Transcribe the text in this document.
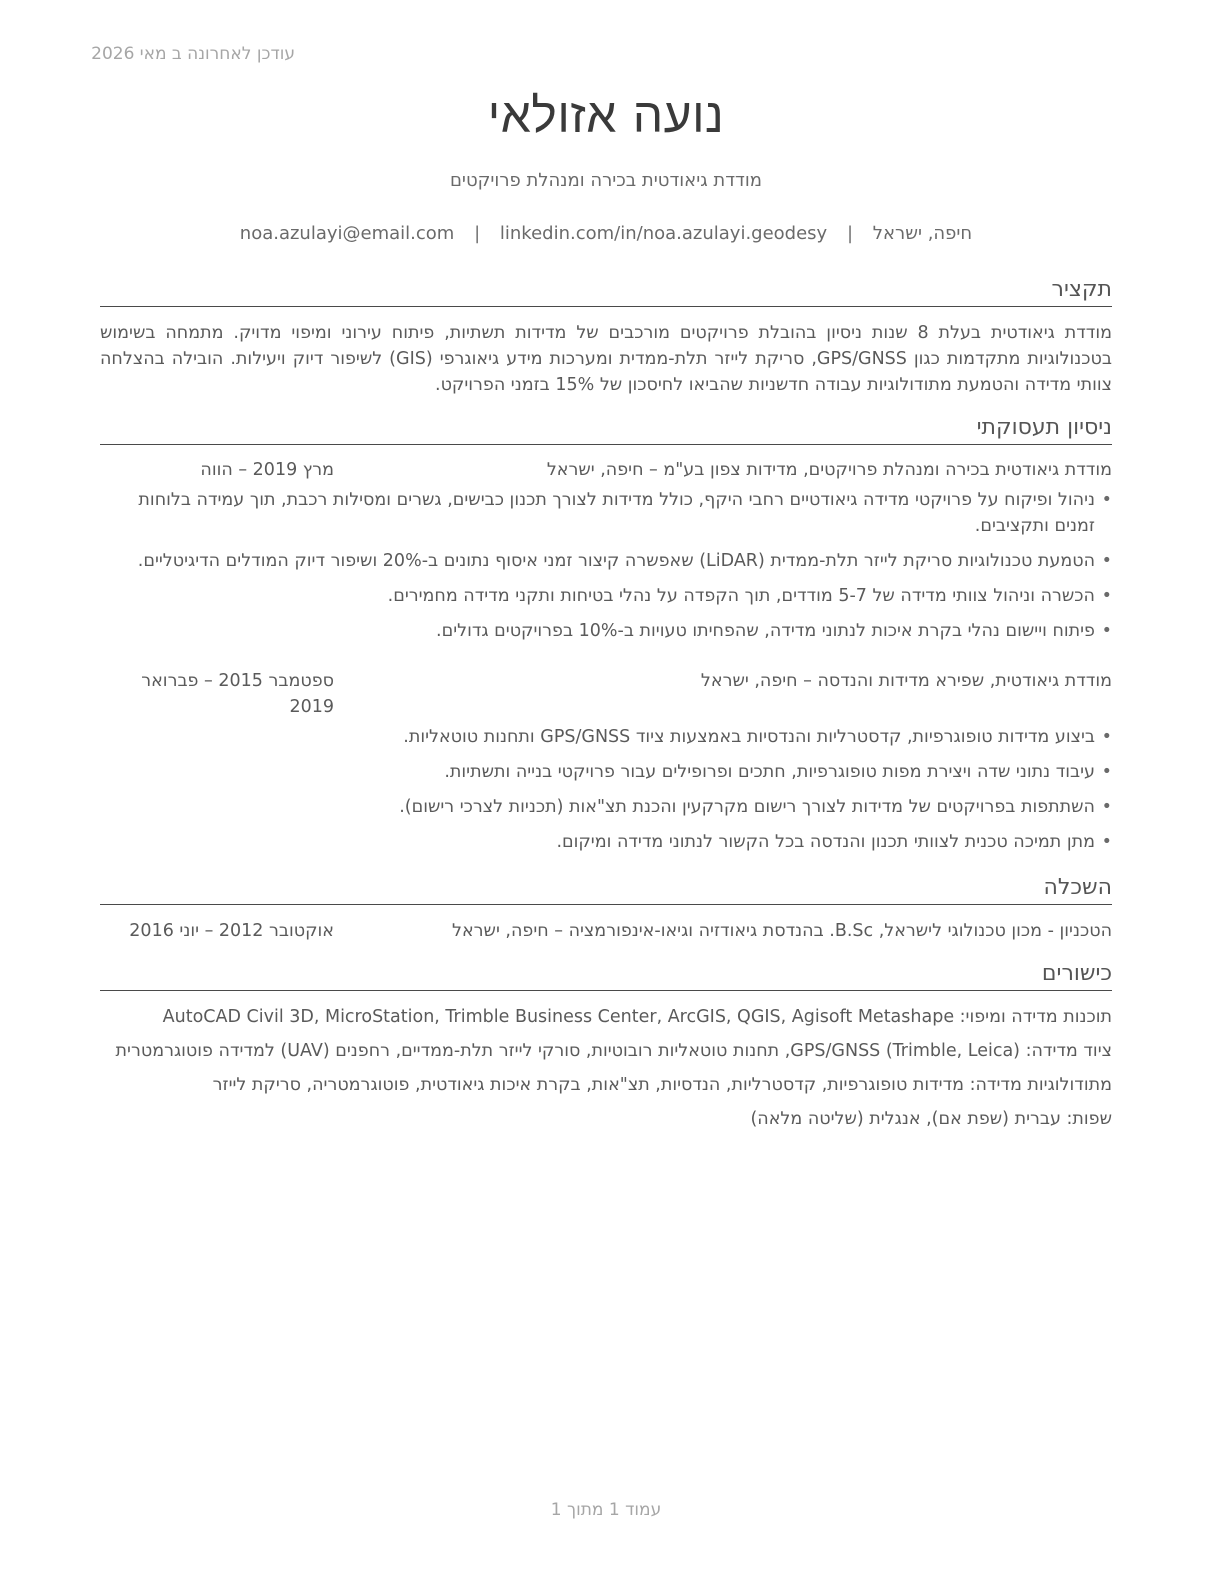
עודכן לאחרונה ב מאי 2026
נועה אזולאי
מודדת גיאודטית בכירה ומנהלת פרויקטים
חיפה, ישראל | noa.azulayi@email.com | linkedin.com/in/noa.azulayi.geodesy
תקציר
מודדת גיאודטית בעלת 8 שנות ניסיון בהובלת פרויקטים מורכבים של מדידות תשתיות, פיתוח עירוני ומיפוי מדויק. מתמחה בשימוש בטכנולוגיות מתקדמות כגון GPS/GNSS, סריקת לייזר תלת-ממדית ומערכות מידע גיאוגרפי (GIS) לשיפור דיוק ויעילות. הובילה בהצלחה צוותי מדידה והטמעת מתודולוגיות עבודה חדשניות שהביאו לחיסכון של 15% בזמני הפרויקט.
ניסיון תעסוקתי
מודדת גיאודטית בכירה ומנהלת פרויקטים, מדידות צפון בע"מ – חיפה, ישראל
מרץ 2019 – הווה
• ניהול ופיקוח על פרויקטי מדידה גיאודטיים רחבי היקף, כולל מדידות לצורך תכנון כבישים, גשרים ומסילות רכבת, תוך עמידה בלוחות זמנים ותקציבים.
• הטמעת טכנולוגיות סריקת לייזר תלת-ממדית (LiDAR) שאפשרה קיצור זמני איסוף נתונים ב-20% ושיפור דיוק המודלים הדיגיטליים.
• הכשרה וניהול צוותי מדידה של 5-7 מודדים, תוך הקפדה על נהלי בטיחות ותקני מדידה מחמירים.
• פיתוח ויישום נהלי בקרת איכות לנתוני מדידה, שהפחיתו טעויות ב-10% בפרויקטים גדולים.
מודדת גיאודטית, שפירא מדידות והנדסה – חיפה, ישראל
ספטמבר 2015 – פברואר 2019
• ביצוע מדידות טופוגרפיות, קדסטרליות והנדסיות באמצעות ציוד GPS/GNSS ותחנות טוטאליות.
• עיבוד נתוני שדה ויצירת מפות טופוגרפיות, חתכים ופרופילים עבור פרויקטי בנייה ותשתיות.
• השתתפות בפרויקטים של מדידות לצורך רישום מקרקעין והכנת תצ"אות (תכניות לצרכי רישום).
• מתן תמיכה טכנית לצוותי תכנון והנדסה בכל הקשור לנתוני מדידה ומיקום.
השכלה
הטכניון - מכון טכנולוגי לישראל, B.Sc. בהנדסת גיאודזיה וגיאו-אינפורמציה – חיפה, ישראל
אוקטובר 2012 – יוני 2016
כישורים
תוכנות מדידה ומיפוי: AutoCAD Civil 3D, MicroStation, Trimble Business Center, ArcGIS, QGIS, Agisoft Metashape
ציוד מדידה: GPS/GNSS (Trimble, Leica), תחנות טוטאליות רובוטיות, סורקי לייזר תלת-ממדיים, רחפנים (UAV) למדידה פוטוגרמטרית
מתודולוגיות מדידה: מדידות טופוגרפיות, קדסטרליות, הנדסיות, תצ"אות, בקרת איכות גיאודטית, פוטוגרמטריה, סריקת לייזר
שפות: עברית (שפת אם), אנגלית (שליטה מלאה)
עמוד 1 מתוך 1
